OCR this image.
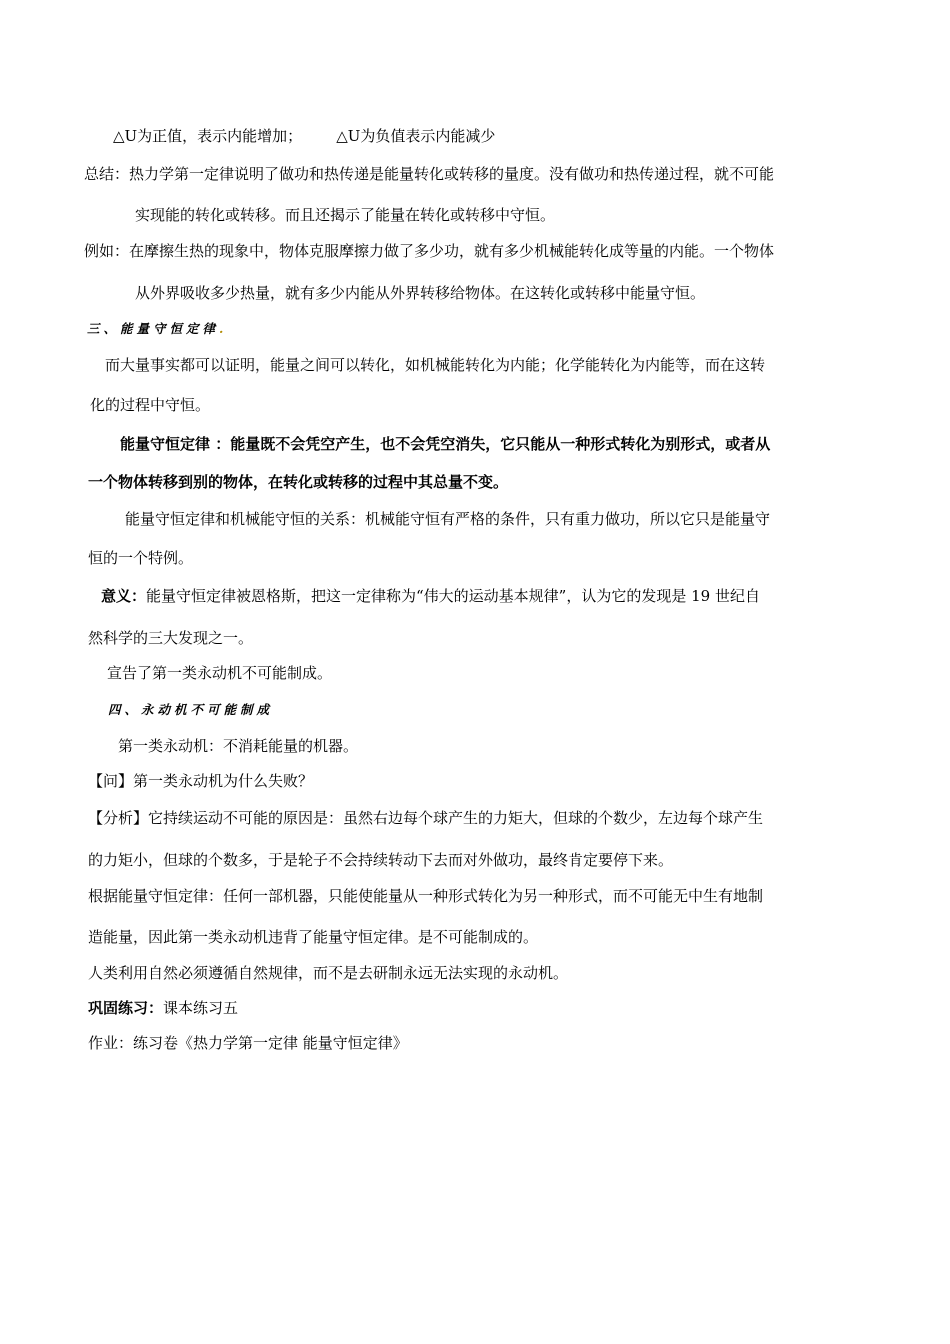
△U为正值，表示内能增加； △U为负值表示内能减少
总结：热力学第一定律说明了做功和热传递是能量转化或转移的量度。没有做功和热传递过程，就不可能
实现能的转化或转移。而且还揭示了能量在转化或转移中守恒。
例如：在摩擦生热的现象中，物体克服摩擦力做了多少功，就有多少机械能转化成等量的内能。一个物体
从外界吸收多少热量，就有多少内能从外界转移给物体。在这转化或转移中能量守恒。
三、能量守恒定律.
而大量事实都可以证明，能量之间可以转化，如机械能转化为内能；化学能转化为内能等，而在这转
化的过程中守恒。
能量守恒定律 ：能量既不会凭空产生，也不会凭空消失，它只能从一种形式转化为别形式，或者从
一个物体转移到别的物体，在转化或转移的过程中其总量不变。
能量守恒定律和机械能守恒的关系：机械能守恒有严格的条件，只有重力做功，所以它只是能量守
恒的一个特例。
意义：能量守恒定律被恩格斯，把这一定律称为“伟大的运动基本规律”，认为它的发现是 19 世纪自
然科学的三大发现之一。
宣告了第一类永动机不可能制成。
四、永动机不可能制成
第一类永动机：不消耗能量的机器。
【问】第一类永动机为什么失败？
【分析】它持续运动不可能的原因是：虽然右边每个球产生的力矩大，但球的个数少，左边每个球产生
的力矩小，但球的个数多，于是轮子不会持续转动下去而对外做功，最终肯定要停下来。
根据能量守恒定律：任何一部机器，只能使能量从一种形式转化为另一种形式，而不可能无中生有地制
造能量，因此第一类永动机违背了能量守恒定律。是不可能制成的。
人类利用自然必须遵循自然规律，而不是去研制永远无法实现的永动机。
巩固练习：课本练习五
作业：练习卷《热力学第一定律 能量守恒定律》
